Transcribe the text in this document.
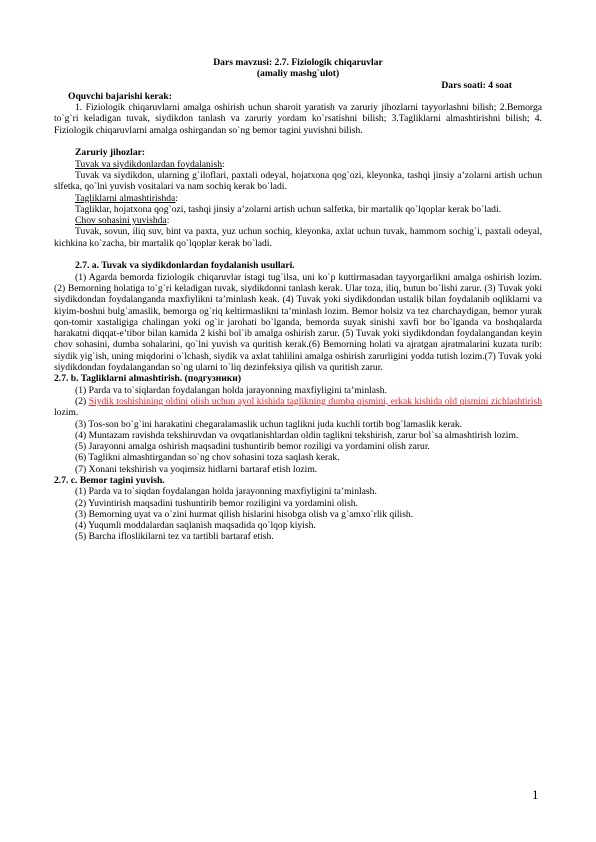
Dars mavzusi: 2.7. Fiziologik chiqaruvlar

(amaliy mashg`ulot)

Dars soati: 4 soat

Oquvchi bajarishi kerak:

1. Fiziologik chiqaruvlarni amalga oshirish uchun sharoit yaratish va zaruriy jihozlarni tayyorlashni bilish; 2.Bemorga to`g`ri keladigan tuvak, siydikdon tanlash va zaruriy yordam ko`rsatishni bilish; 3.Tagliklarni almashtirishni bilish; 4. Fiziologik chiqaruvlarni amalga oshirgandan so`ng bemor tagini yuvishni bilish.

Zaruriy jihozlar:

Tuvak va siydikdonlardan foydalanish:

Tuvak va siydikdon, ularning g`iloflari, paxtali odeyal, hojatxona qog`ozi, kleyonka, tashqi jinsiy a’zolarni artish uchun slfetka, qo`lni yuvish vositalari va nam sochiq kerak bo`ladi.

Tagliklarni almashtirishda:

Tagliklar, hojatxona qog`ozi, tashqi jinsiy a’zolarni artish uchun salfetka, bir martalik qo`lqoplar kerak bo`ladi.

Chov sohasini yuvishda:

Tuvak, sovun, iliq suv, bint va paxta, yuz uchun sochiq, kleyonka, axlat uchun tuvak, hammom sochig`i, paxtali odeyal, kichkina ko`zacha, bir martalik qo`lqoplar kerak bo`ladi.

2.7. a. Tuvak va siydikdonlardan foydalanish usullari.

(1) Agarda bemorda fiziologik chiqaruvlar istagi tug`ilsa, uni ko`p kuttirmasadan tayyorgarlikni amalga oshirish lozim. (2) Bemorning holatiga to`g`ri keladigan tuvak, siydikdonni tanlash kerak. Ular toza, iliq, butun bo`lishi zarur. (3) Tuvak yoki siydikdondan foydalanganda maxfiylikni ta’minlash keak. (4) Tuvak yoki siydikdondan ustalik bilan foydalanib oqliklarni va kiyim-boshni bulg`amaslik, bemorga og`riq keltirmaslikni ta’minlash lozim. Bemor holsiz va tez charchaydigan, bemor yurak qon-tomir xastaligiga chalingan yoki og`ir jarohati bo`lganda, bemorda suyak sinishi xavfi bor bo`lganda va boshqalarda harakatni diqqat-e’tibor bilan kamida 2 kishi bol`ib amalga oshirish zarur. (5) Tuvak yoki siydikdondan foydalangandan keyin chov sohasini, dumba sohalarini, qo`lni yuvish va quritish kerak.(6) Bemorning holati va ajratgan ajratmalarini kuzata turib: siydik yig`ish, uning miqdorini o`lchash, siydik va axlat tahlilini amalga oshirish zarurligini yodda tutish lozim.(7) Tuvak yoki siydikdondan foydalangandan so`ng ularni to`liq dezinfeksiya qilish va quritish zarur.

2.7. b. Tagliklarni almashtirish. (подгузники)

(1) Parda va to`siqlardan foydalangan holda jarayonning maxfiyligini ta’minlash.

(2) Siydik toshishining oldini olish uchun ayol kishida taglikning dumba qismini, erkak kishida old qismini zichlashtirish lozim.

(3) Tos-son bo`g`ini harakatini chegaralamaslik uchun taglikni juda kuchli tortib bog`lamaslik kerak.

(4) Muntazam ravishda tekshiruvdan va ovqatlanishlardan oldin taglikni tekshirish, zarur bol`sa almashtirish lozim.

(5) Jarayonni amalga oshirish maqsadini tushuntirib bemor roziligi va yordamini olish zarur.

(6) Taglikni almashtirgandan so`ng chov sohasini toza saqlash kerak.

(7) Xonani tekshirish va yoqimsiz hidlarni bartaraf etish lozim.

2.7. c. Bemor tagini yuvish.

(1) Parda va to`siqdan foydalangan holda jarayonning maxfiyligini ta’minlash.

(2) Yuvintirish maqsadini tushuntirib bemor roziligini va yordamini olish.

(3) Bemorning uyat va o`zini hurmat qilish hislarini hisobga olish va g`amxo`rlik qilish.

(4) Yuqumli moddalardan saqlanish maqsadida qo`lqop kiyish.

(5) Barcha ifloslikilarni tez va tartibli bartaraf etish.

1
